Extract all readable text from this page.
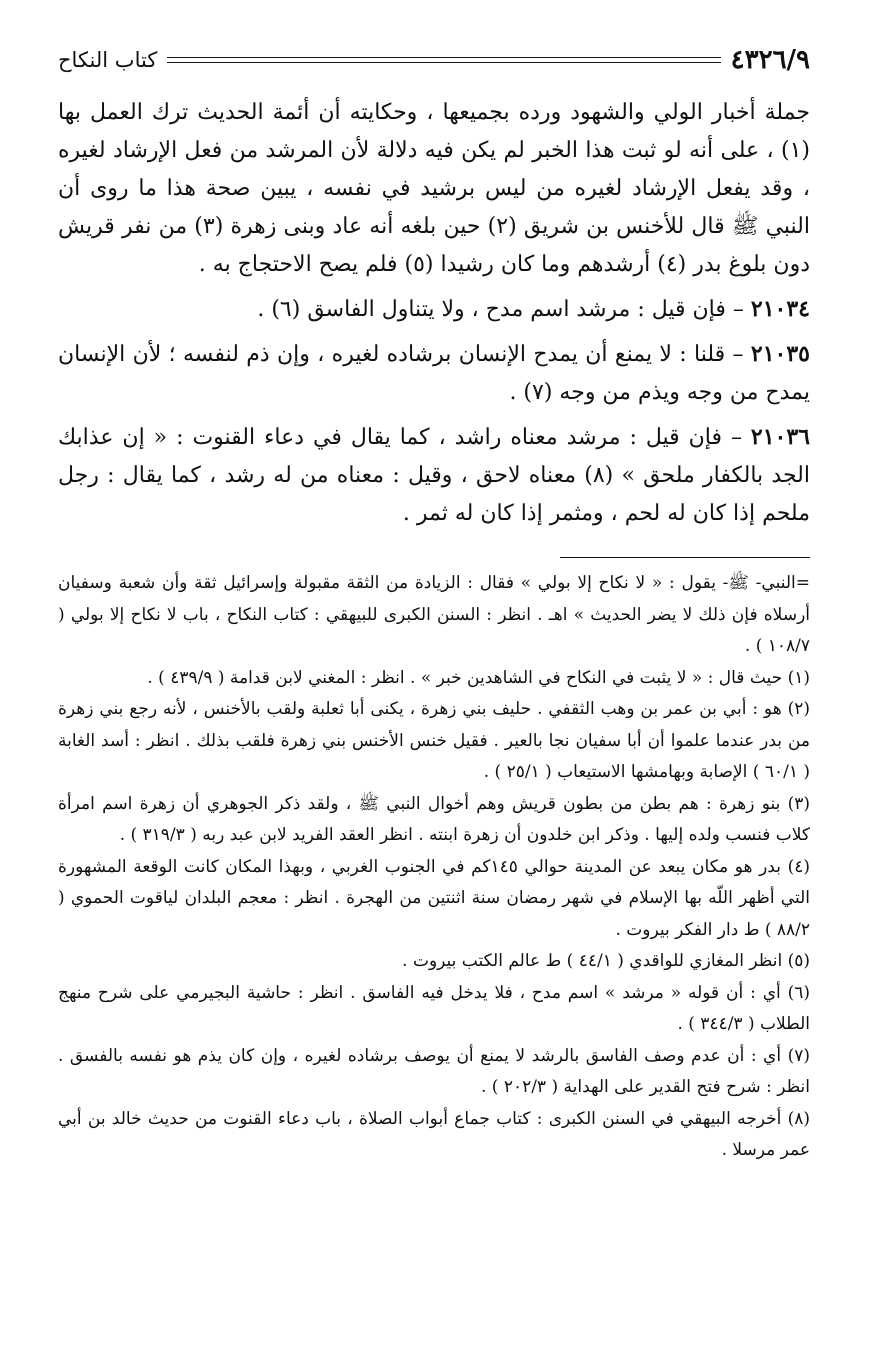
٤٣٢٦/٩
كتاب النكاح

جملة أخبار الولي والشهود ورده بجميعها ، وحكايته أن أئمة الحديث ترك العمل بها (١) ، على أنه لو ثبت هذا الخبر لم يكن فيه دلالة لأن المرشد من فعل الإرشاد لغيره ، وقد يفعل الإرشاد لغيره من ليس برشيد في نفسه ، يبين صحة هذا ما روى أن النبي ﷺ قال للأخنس بن شريق (٢) حين بلغه أنه عاد وبنى زهرة (٣) من نفر قريش دون بلوغ بدر (٤) أرشدهم وما كان رشيدا (٥) فلم يصح الاحتجاج به .

٢١٠٣٤ – فإن قيل : مرشد اسم مدح ، ولا يتناول الفاسق (٦) .

٢١٠٣٥ – قلنا : لا يمنع أن يمدح الإنسان برشاده لغيره ، وإن ذم لنفسه ؛ لأن الإنسان يمدح من وجه ويذم من وجه (٧) .

٢١٠٣٦ – فإن قيل : مرشد معناه راشد ، كما يقال في دعاء القنوت : « إن عذابك الجد بالكفار ملحق » (٨) معناه لاحق ، وقيل : معناه من له رشد ، كما يقال : رجل ملحم إذا كان له لحم ، ومثمر إذا كان له ثمر .

=النبي- ﷺ- يقول : « لا نكاح إلا بولي » فقال : الزيادة من الثقة مقبولة وإسرائيل ثقة وأن شعبة وسفيان أرسلاه فإن ذلك لا يضر الحديث » اهـ . انظر : السنن الكبرى للبيهقي : كتاب النكاح ، باب لا نكاح إلا بولي ( ١٠٨/٧ ) .

(١) حيث قال : « لا يثبت في النكاح في الشاهدين خبر » . انظر : المغني لابن قدامة ( ٤٣٩/٩ ) .

(٢) هو : أبي بن عمر بن وهب الثقفي . حليف بني زهرة ، يكنى أبا ثعلبة ولقب بالأخنس ، لأنه رجع بني زهرة من بدر عندما علموا أن أبا سفيان نجا بالعير . فقيل خنس الأخنس بني زهرة فلقب بذلك . انظر : أسد الغابة ( ٦٠/١ ) الإصابة وبهامشها الاستيعاب ( ٢٥/١ ) .

(٣) بنو زهرة : هم بطن من بطون قريش وهم أخوال النبي ﷺ ، ولقد ذكر الجوهري أن زهرة اسم امرأة كلاب فنسب ولده إليها . وذكر ابن خلدون أن زهرة ابنته . انظر العقد الفريد لابن عبد ربه ( ٣١٩/٣ ) .

(٤) بدر هو مكان يبعد عن المدينة حوالي ١٤٥كم في الجنوب الغربي ، وبهذا المكان كانت الوقعة المشهورة التي أظهر اللّه بها الإسلام في شهر رمضان سنة اثنتين من الهجرة . انظر : معجم البلدان لياقوت الحموي ( ٨٨/٢ ) ط دار الفكر بيروت .

(٥) انظر المغازي للواقدي ( ٤٤/١ ) ط عالم الكتب بيروت .

(٦) أي : أن قوله « مرشد » اسم مدح ، فلا يدخل فيه الفاسق . انظر : حاشية البجيرمي على شرح منهج الطلاب ( ٣٤٤/٣ ) .

(٧) أي : أن عدم وصف الفاسق بالرشد لا يمنع أن يوصف برشاده لغيره ، وإن كان يذم هو نفسه بالفسق . انظر : شرح فتح القدير على الهداية ( ٢٠٢/٣ ) .

(٨) أخرجه البيهقي في السنن الكبرى : كتاب جماع أبواب الصلاة ، باب دعاء القنوت من حديث خالد بن أبي عمر مرسلا .
